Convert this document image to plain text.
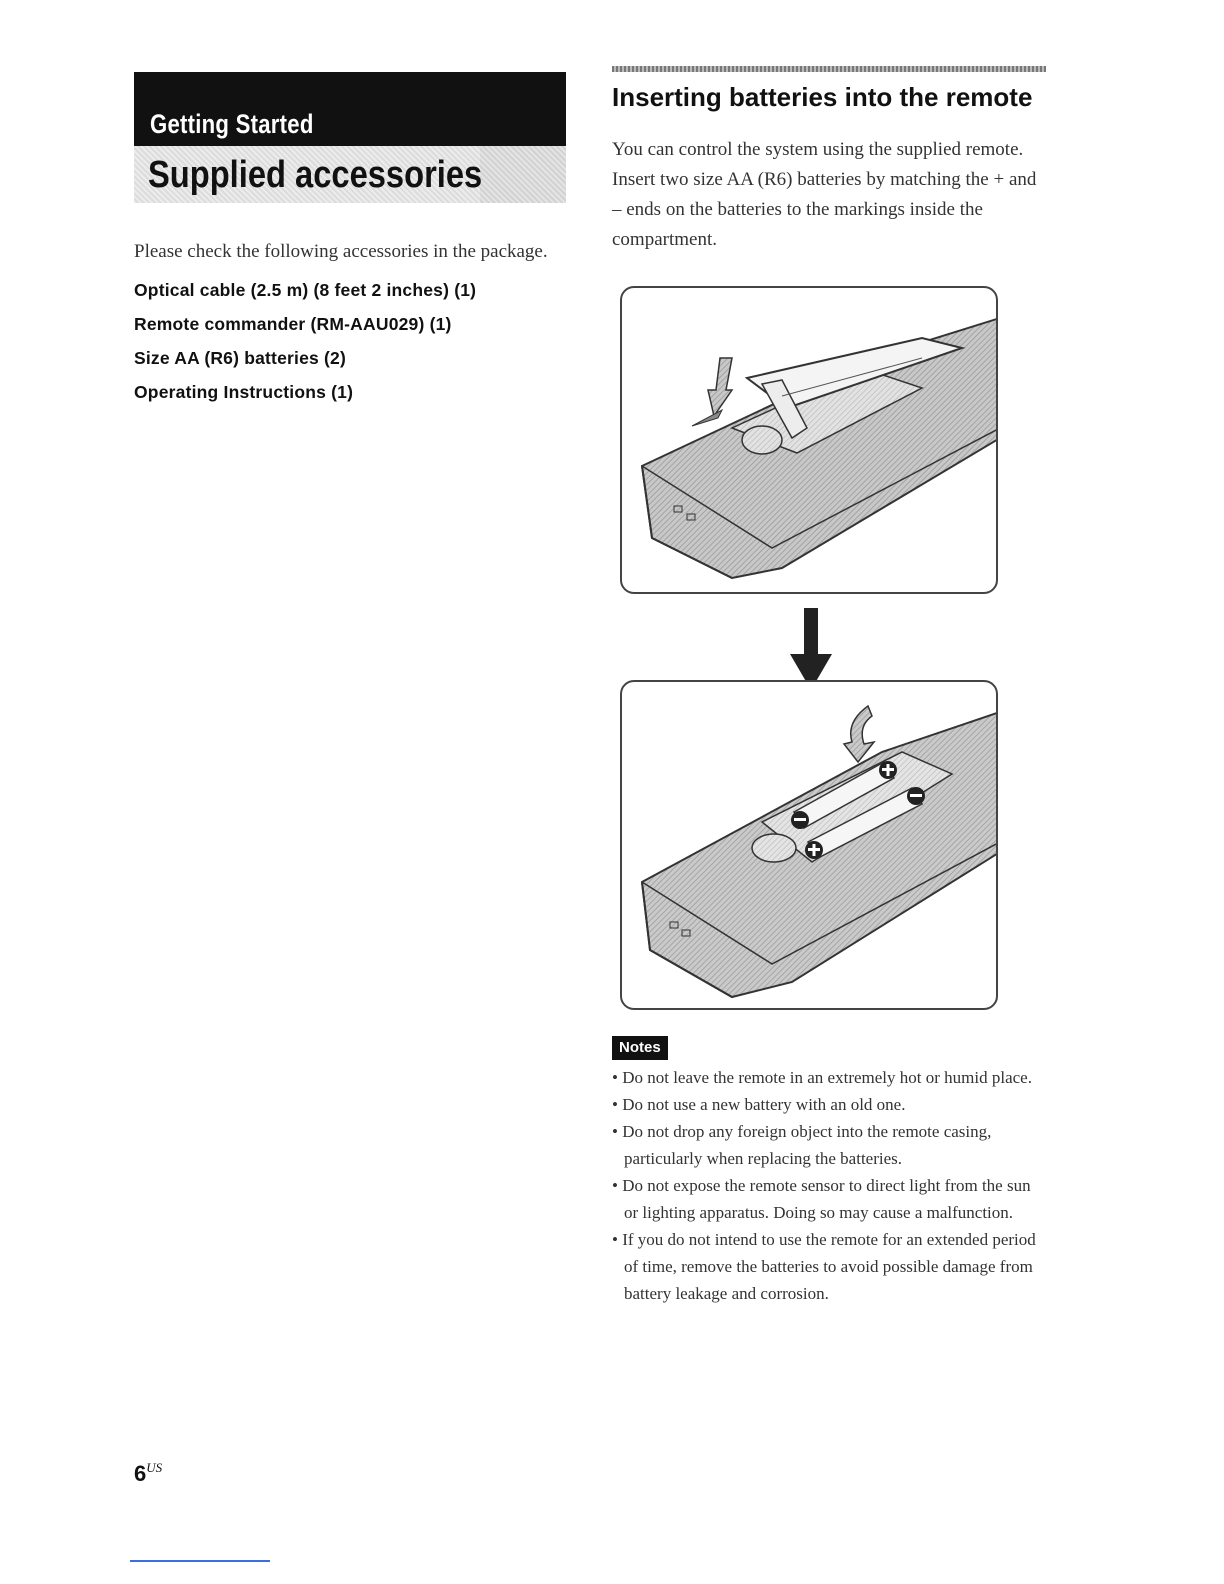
Getting Started
Supplied accessories

Please check the following accessories in the package.

Optical cable (2.5 m) (8 feet 2 inches) (1)
Remote commander (RM-AAU029) (1)
Size AA (R6) batteries (2)
Operating Instructions (1)
Inserting batteries into the remote

You can control the system using the supplied remote. Insert two size AA (R6) batteries by matching the + and – ends on the batteries to the markings inside the compartment.

Notes
• Do not leave the remote in an extremely hot or humid place.
• Do not use a new battery with an old one.
• Do not drop any foreign object into the remote casing, particularly when replacing the batteries.
• Do not expose the remote sensor to direct light from the sun or lighting apparatus. Doing so may cause a malfunction.
• If you do not intend to use the remote for an extended period of time, remove the batteries to avoid possible damage from battery leakage and corrosion.
$6^{US}$
